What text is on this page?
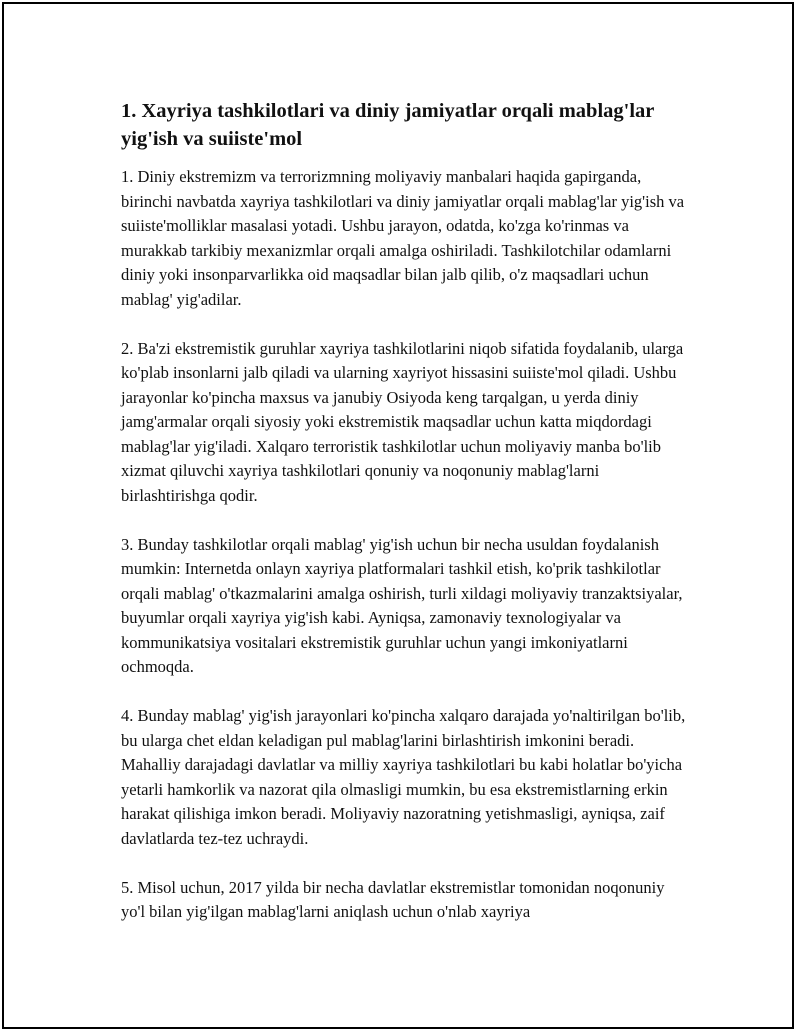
1. Xayriya tashkilotlari va diniy jamiyatlar orqali mablag'lar yig'ish va suiiste'mol

1. Diniy ekstremizm va terrorizmning moliyaviy manbalari haqida gapirganda, birinchi navbatda xayriya tashkilotlari va diniy jamiyatlar orqali mablag'lar yig'ish va suiiste'molliklar masalasi yotadi. Ushbu jarayon, odatda, ko'zga ko'rinmas va murakkab tarkibiy mexanizmlar orqali amalga oshiriladi. Tashkilotchilar odamlarni diniy yoki insonparvarlikka oid maqsadlar bilan jalb qilib, o'z maqsadlari uchun mablag' yig'adilar.

2. Ba'zi ekstremistik guruhlar xayriya tashkilotlarini niqob sifatida foydalanib, ularga ko'plab insonlarni jalb qiladi va ularning xayriyot hissasini suiiste'mol qiladi. Ushbu jarayonlar ko'pincha maxsus va janubiy Osiyoda keng tarqalgan, u yerda diniy jamg'armalar orqali siyosiy yoki ekstremistik maqsadlar uchun katta miqdordagi mablag'lar yig'iladi. Xalqaro terroristik tashkilotlar uchun moliyaviy manba bo'lib xizmat qiluvchi xayriya tashkilotlari qonuniy va noqonuniy mablag'larni birlashtirishga qodir.

3. Bunday tashkilotlar orqali mablag' yig'ish uchun bir necha usuldan foydalanish mumkin: Internetda onlayn xayriya platformalari tashkil etish, ko'prik tashkilotlar orqali mablag' o'tkazmalarini amalga oshirish, turli xildagi moliyaviy tranzaktsiyalar, buyumlar orqali xayriya yig'ish kabi. Ayniqsa, zamonaviy texnologiyalar va kommunikatsiya vositalari ekstremistik guruhlar uchun yangi imkoniyatlarni ochmoqda.

4. Bunday mablag' yig'ish jarayonlari ko'pincha xalqaro darajada yo'naltirilgan bo'lib, bu ularga chet eldan keladigan pul mablag'larini birlashtirish imkonini beradi. Mahalliy darajadagi davlatlar va milliy xayriya tashkilotlari bu kabi holatlar bo'yicha yetarli hamkorlik va nazorat qila olmasligi mumkin, bu esa ekstremistlarning erkin harakat qilishiga imkon beradi. Moliyaviy nazoratning yetishmasligi, ayniqsa, zaif davlatlarda tez-tez uchraydi.

5. Misol uchun, 2017 yilda bir necha davlatlar ekstremistlar tomonidan noqonuniy yo'l bilan yig'ilgan mablag'larni aniqlash uchun o'nlab xayriya
